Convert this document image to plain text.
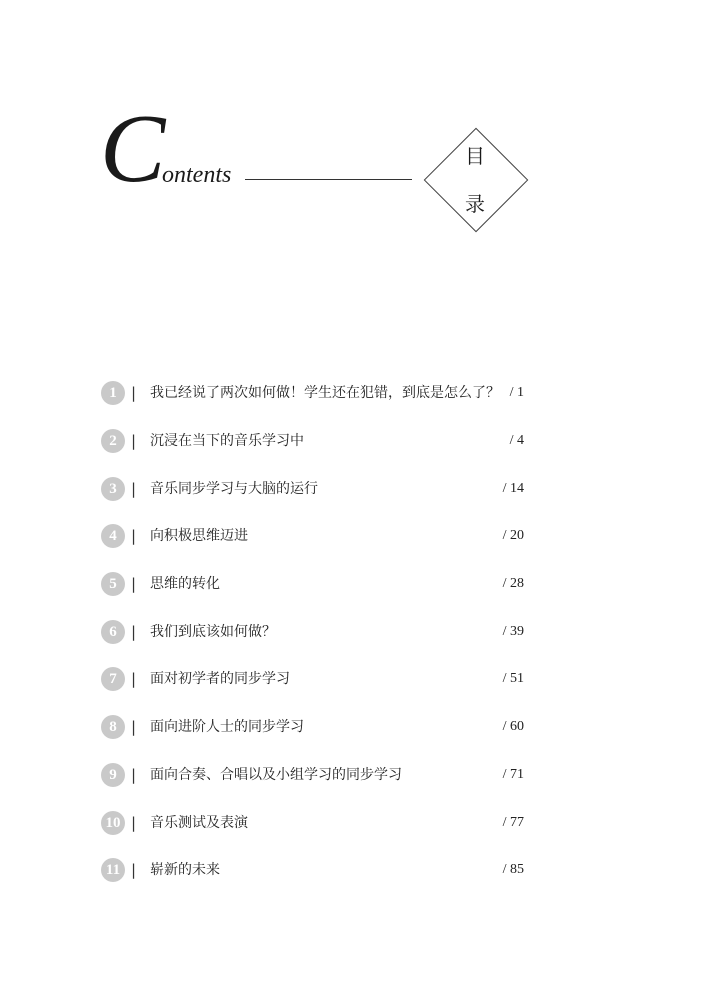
C
ontents
目
录
1 | 我已经说了两次如何做！学生还在犯错，到底是怎么了？ / 1
2 | 沉浸在当下的音乐学习中	/ 4
3 | 音乐同步学习与大脑的运行	/ 14
4 | 向积极思维迈进	/ 20
5 | 思维的转化	/ 28
6 | 我们到底该如何做？	/ 39
7 | 面对初学者的同步学习	/ 51
8 | 面向进阶人士的同步学习	/ 60
9 | 面向合奏、合唱以及小组学习的同步学习	/ 71
10 | 音乐测试及表演	/ 77
11 | 崭新的未来	/ 85
